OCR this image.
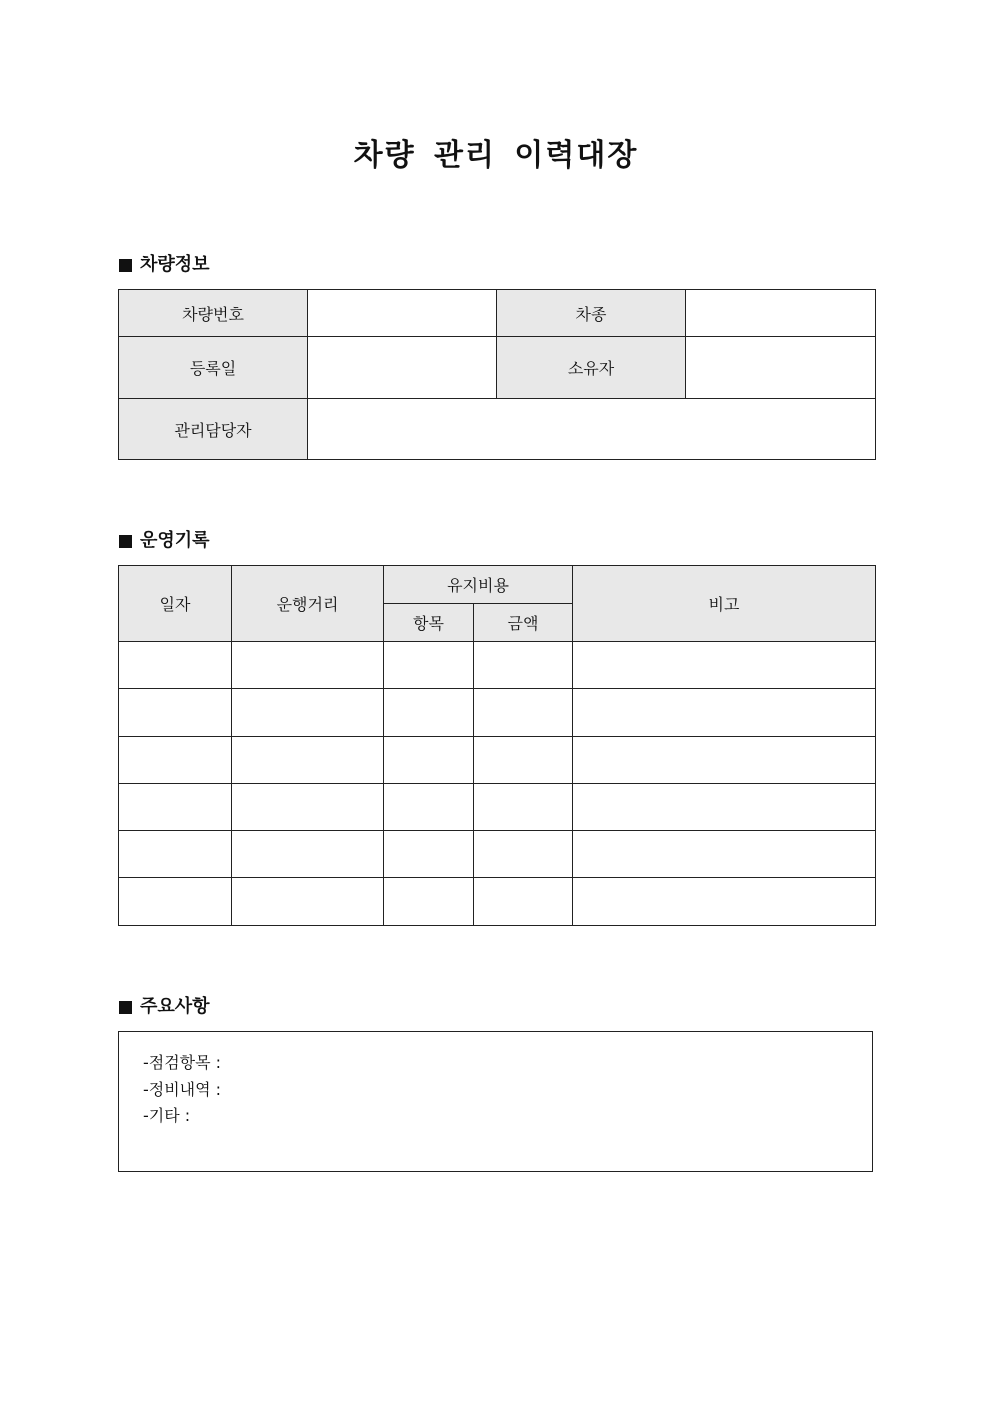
차량 관리 이력대장
차량정보
차량번호		차종	
등록일		소유자	
관리담당자			
운영기록
일자	운행거리	유지비용		비고
		항목	금액	

주요사항
-점검항목 :
-정비내역 :
-기타 :
